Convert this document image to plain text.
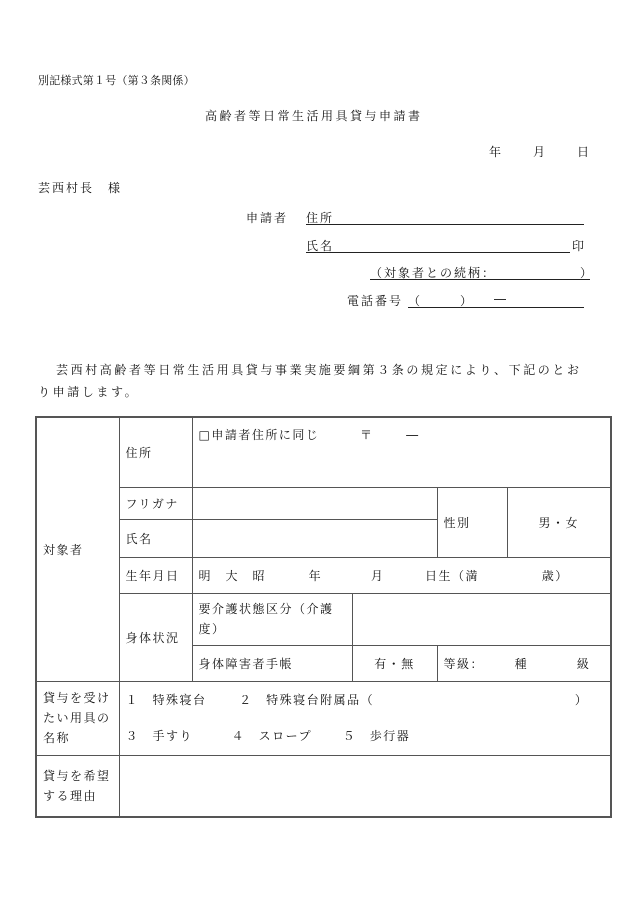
別記様式第１号（第３条関係）
高齢者等日常生活用具貸与申請書
年 月 日
芸西村長　様
申請者 住所
氏名	印
（対象者との続柄：	）
電話番号 （　　　） ―
芸西村高齢者等日常生活用具貸与事業実施要綱第３条の規定により、下記のとお
り申請します。
対象者	住所	□申請者住所に同じ 〒 ―			
	フリガナ			性別	男・女
	氏名				
	生年月日	明　大　昭 年 月 日生（満 歳）			
	身体状況	要介護状態区分（介護度）			
		身体障害者手帳	有・無	等級： 種 級	
貸与を受けたい用具の名称	１　特殊寝台 ２　特殊寝台附属品（ ）
３　手すり ４　スロープ ５　歩行器				

貸与を希望する理由					
